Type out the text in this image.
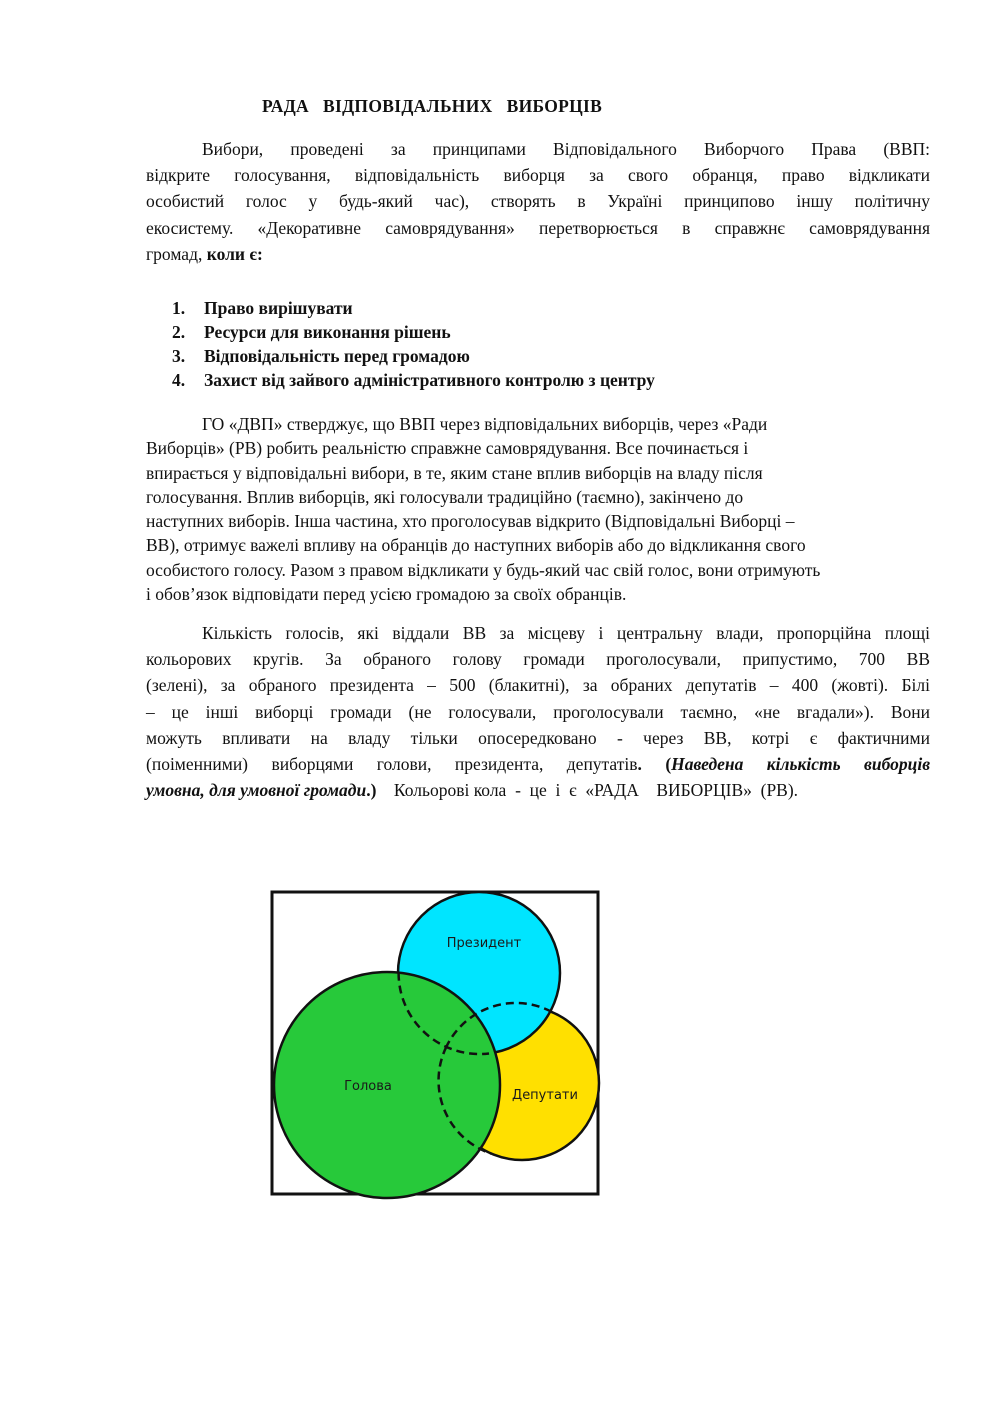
РАДА   ВІДПОВІДАЛЬНИХ   ВИБОРЦІВ

Вибори, проведені за принципами Відповідального Виборчого Права (ВВП:
відкрите голосування, відповідальність виборця за свого обранця, право відкликати
особистий голос у будь-який час), створять в Україні принципово іншу політичну
екосистему. «Декоративне самоврядування» перетворюється в справжнє самоврядування
громад, коли є:

1. Право вирішувати
2. Ресурси для виконання рішень
3. Відповідальність перед громадою
4. Захист від зайвого адміністративного контролю з центру

ГО «ДВП» стверджує, що ВВП через відповідальних виборців, через «Ради
Виборців» (РВ) робить реальністю справжне самоврядування. Все починається і
впирається у відповідальні вибори, в те, яким стане вплив виборців на владу після
голосування. Вплив виборців, які голосували традиційно (таємно), закінчено до
наступних виборів. Інша частина, хто проголосував відкрито (Відповідальні Виборці –
ВВ), отримує важелі впливу на обранців до наступних виборів або до відкликання свого
особистого голосу. Разом з правом відкликати у будь-який час свій голос, вони отримують
і обов’язок відповідати перед усією громадою за своїх обранців.

Кількість голосів, які віддали ВВ за місцеву і центральну влади, пропорційна площі
кольорових кругів. За обраного голову громади проголосували, припустимо, 700 ВВ
(зелені), за обраного президента – 500 (блакитні), за обраних депутатів – 400 (жовті). Білі
– це інші виборці громади (не голосували, проголосували таємно, «не вгадали»). Вони
можуть впливати на владу тільки опосередковано - через ВВ, котрі є фактичними
(поіменними) виборцями голови, президента, депутатів. (Наведена кількість виборців
умовна, для умовної громади.)    Кольорові кола  -  це  і  є  «РАДА    ВИБОРЦІВ»  (РВ).

Президент
Голова
Депутати
